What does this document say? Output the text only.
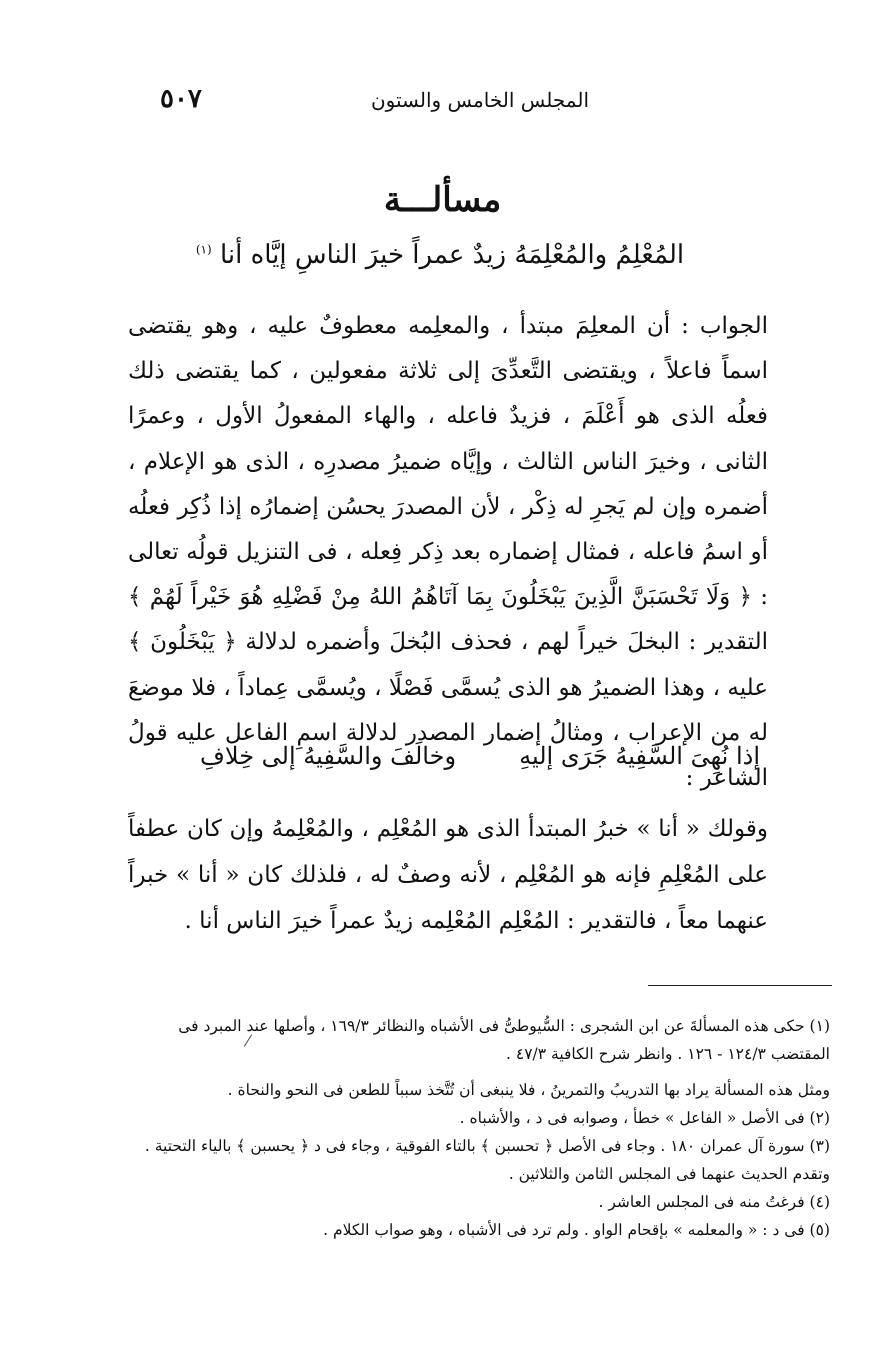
٥٠٧	المجلس الخامس والستون
مسألـــة
المُعْلِمُ والمُعْلِمَهُ زيدٌ عمراً خيرَ الناسِ إيَّاه أنا $^{(١)}$

الجواب : أن المعلِمَ مبتدأ ، والمعلِمه معطوفٌ عليه ، وهو يقتضى اسماً فاعلاً ، ويقتضى التَّعدِّىَ إلى ثلاثة مفعولين ، كما يقتضى ذلك فعلُه الذى هو أَعْلَمَ ، فزيدٌ فاعله ، والهاء المفعولُ الأول ، وعمرًا الثانى ، وخيرَ الناس الثالث ، وإيَّاه ضميرُ مصدرِه ، الذى هو الإعلام ، أضمره وإن لم يَجرِ له ذِكْر ، لأن المصدرَ يحسُن إضمارُه إذا ذُكِر فعلُه أو اسمُ فاعله ، فمثال إضماره بعد ذِكر فِعله ، فى التنزيل قولُه تعالى : ﴿ وَلَا تَحْسَبَنَّ الَّذِينَ يَبْخَلُونَ بِمَا آتَاهُمُ اللهُ مِنْ فَضْلِهِ هُوَ خَيْراً لَهُمْ ﴾ التقدير : البخلَ خيراً لهم ، فحذف البُخلَ وأضمره لدلالة ﴿ يَبْخَلُونَ ﴾ عليه ، وهذا الضميرُ هو الذى يُسمَّى فَصْلًا ، ويُسمَّى عِماداً ، فلا موضعَ له من الإعراب ، ومثالُ إضمار المصدر لدلالة اسمِ الفاعل عليه قولُ الشاعر :

إذا نُهِىَ السَّفِيهُ جَرَى إليهِ
وخالَفَ والسَّفِيهُ إلى خِلافِ

وقولك « أنا » خبرُ المبتدأ الذى هو المُعْلِم ، والمُعْلِمهُ وإن كان عطفاً على المُعْلِمِ فإنه هو المُعْلِم ، لأنه وصفٌ له ، فلذلك كان « أنا » خبراً عنهما معاً ، فالتقدير : المُعْلِم المُعْلِمه زيدٌ عمراً خيرَ الناس أنا .

(١) حكى هذه المسألةَ عن ابن الشجرى : السُّيوطىُّ فى الأشباه والنظائر ١٦٩/٣ ، وأصلها عند المبرد فى المقتضب ١٢٤/٣ - ١٢٦ . وانظر شرح الكافية ٤٧/٣ .

ومثل هذه المسألة يراد بها التدريبُ والتمرينُ ، فلا ينبغى أن تُتَّخذ سبباً للطعن فى النحو والنحاة .

(٢) فى الأصل « الفاعل » خطأ ، وصوابه فى د ، والأشباه .

(٣) سورة آل عمران ١٨٠ . وجاء فى الأصل ﴿ تحسبن ﴾ بالتاء الفوقية ، وجاء فى د ﴿ يحسبن ﴾ بالياء التحتية . وتقدم الحديث عنهما فى المجلس الثامن والثلاثين .

(٤) فرغتُ منه فى المجلس العاشر .

(٥) فى د : « والمعلمه » بإقحام الواو . ولم ترد فى الأشباه ، وهو صواب الكلام .
